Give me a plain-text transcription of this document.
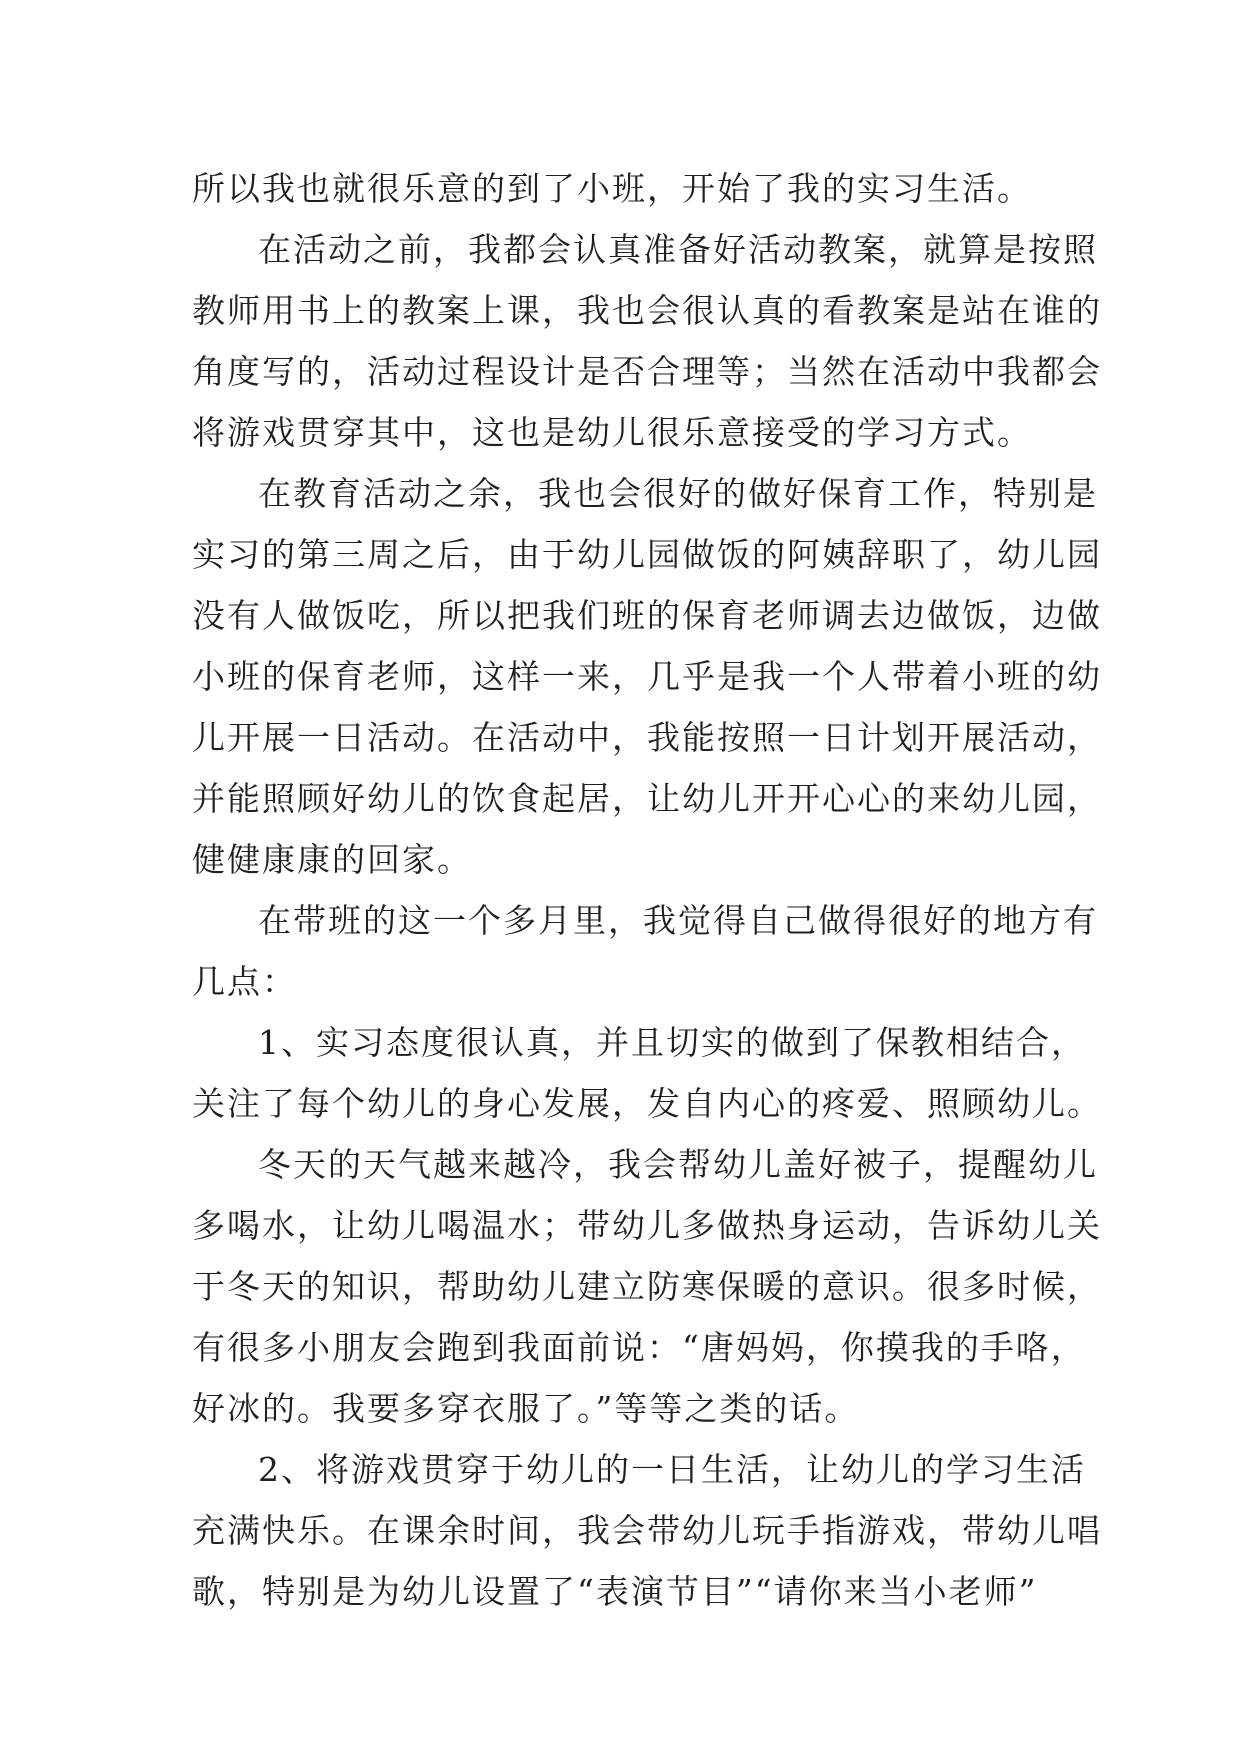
所以我也就很乐意的到了小班，开始了我的实习生活。
在活动之前，我都会认真准备好活动教案，就算是按照
教师用书上的教案上课，我也会很认真的看教案是站在谁的
角度写的，活动过程设计是否合理等；当然在活动中我都会
将游戏贯穿其中，这也是幼儿很乐意接受的学习方式。
在教育活动之余，我也会很好的做好保育工作，特别是
实习的第三周之后，由于幼儿园做饭的阿姨辞职了，幼儿园
没有人做饭吃，所以把我们班的保育老师调去边做饭，边做
小班的保育老师，这样一来，几乎是我一个人带着小班的幼
儿开展一日活动。在活动中，我能按照一日计划开展活动，
并能照顾好幼儿的饮食起居，让幼儿开开心心的来幼儿园，
健健康康的回家。
在带班的这一个多月里，我觉得自己做得很好的地方有
几点：
1、实习态度很认真，并且切实的做到了保教相结合，
关注了每个幼儿的身心发展，发自内心的疼爱、照顾幼儿。
冬天的天气越来越冷，我会帮幼儿盖好被子，提醒幼儿
多喝水，让幼儿喝温水；带幼儿多做热身运动，告诉幼儿关
于冬天的知识，帮助幼儿建立防寒保暖的意识。很多时候，
有很多小朋友会跑到我面前说：“唐妈妈，你摸我的手咯，
好冰的。我要多穿衣服了。”等等之类的话。
2、将游戏贯穿于幼儿的一日生活，让幼儿的学习生活
充满快乐。在课余时间，我会带幼儿玩手指游戏，带幼儿唱
歌，特别是为幼儿设置了“表演节目”“请你来当小老师”
